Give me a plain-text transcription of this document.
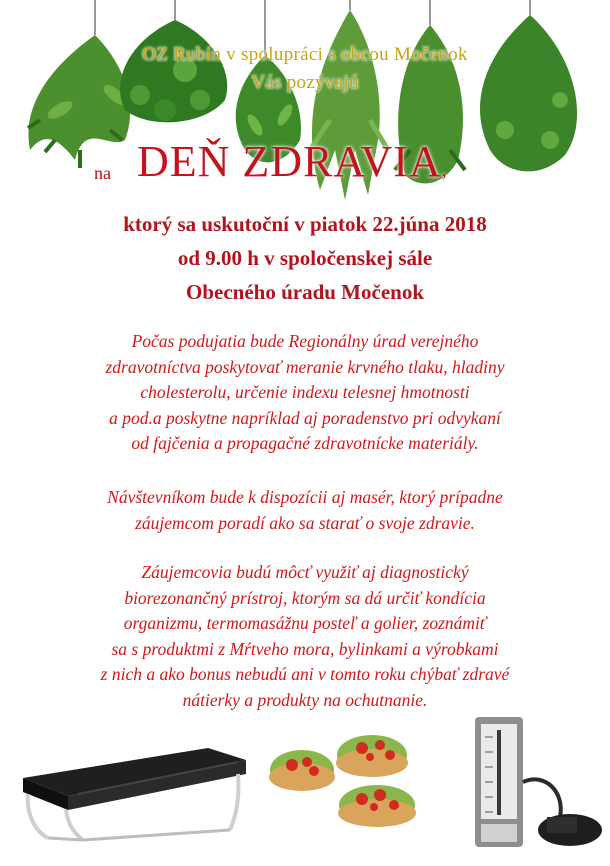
OZ Rubín v spolupráci s obcou Močenok
Vás pozývajú
na DEŇ ZDRAVIA,
ktorý sa uskutoční v piatok 22.júna 2018
od 9.00 h v spoločenskej sále
Obecného úradu Močenok
Počas podujatia bude Regionálny úrad verejného
zdravotníctva poskytovať meranie krvného tlaku, hladiny
cholesterolu, určenie indexu telesnej hmotnosti
a pod.a poskytne napríklad aj poradenstvo pri odvykaní
od fajčenia a propagačné zdravotnícke materiály.
Návštevníkom bude k dispozícii aj masér, ktorý prípadne
záujemcom poradí ako sa starať o svoje zdravie.
Záujemcovia budú môcť využiť aj diagnostický
biorezonančný prístroj, ktorým sa dá určiť kondícia
organizmu, termomasážnu posteľ a golier, zoznámiť
sa s produktmi z Mŕtveho mora, bylinkami a výrobkami
z nich a ako bonus nebudú ani v tomto roku chýbať zdravé
nátierky a produkty na ochutnanie.
